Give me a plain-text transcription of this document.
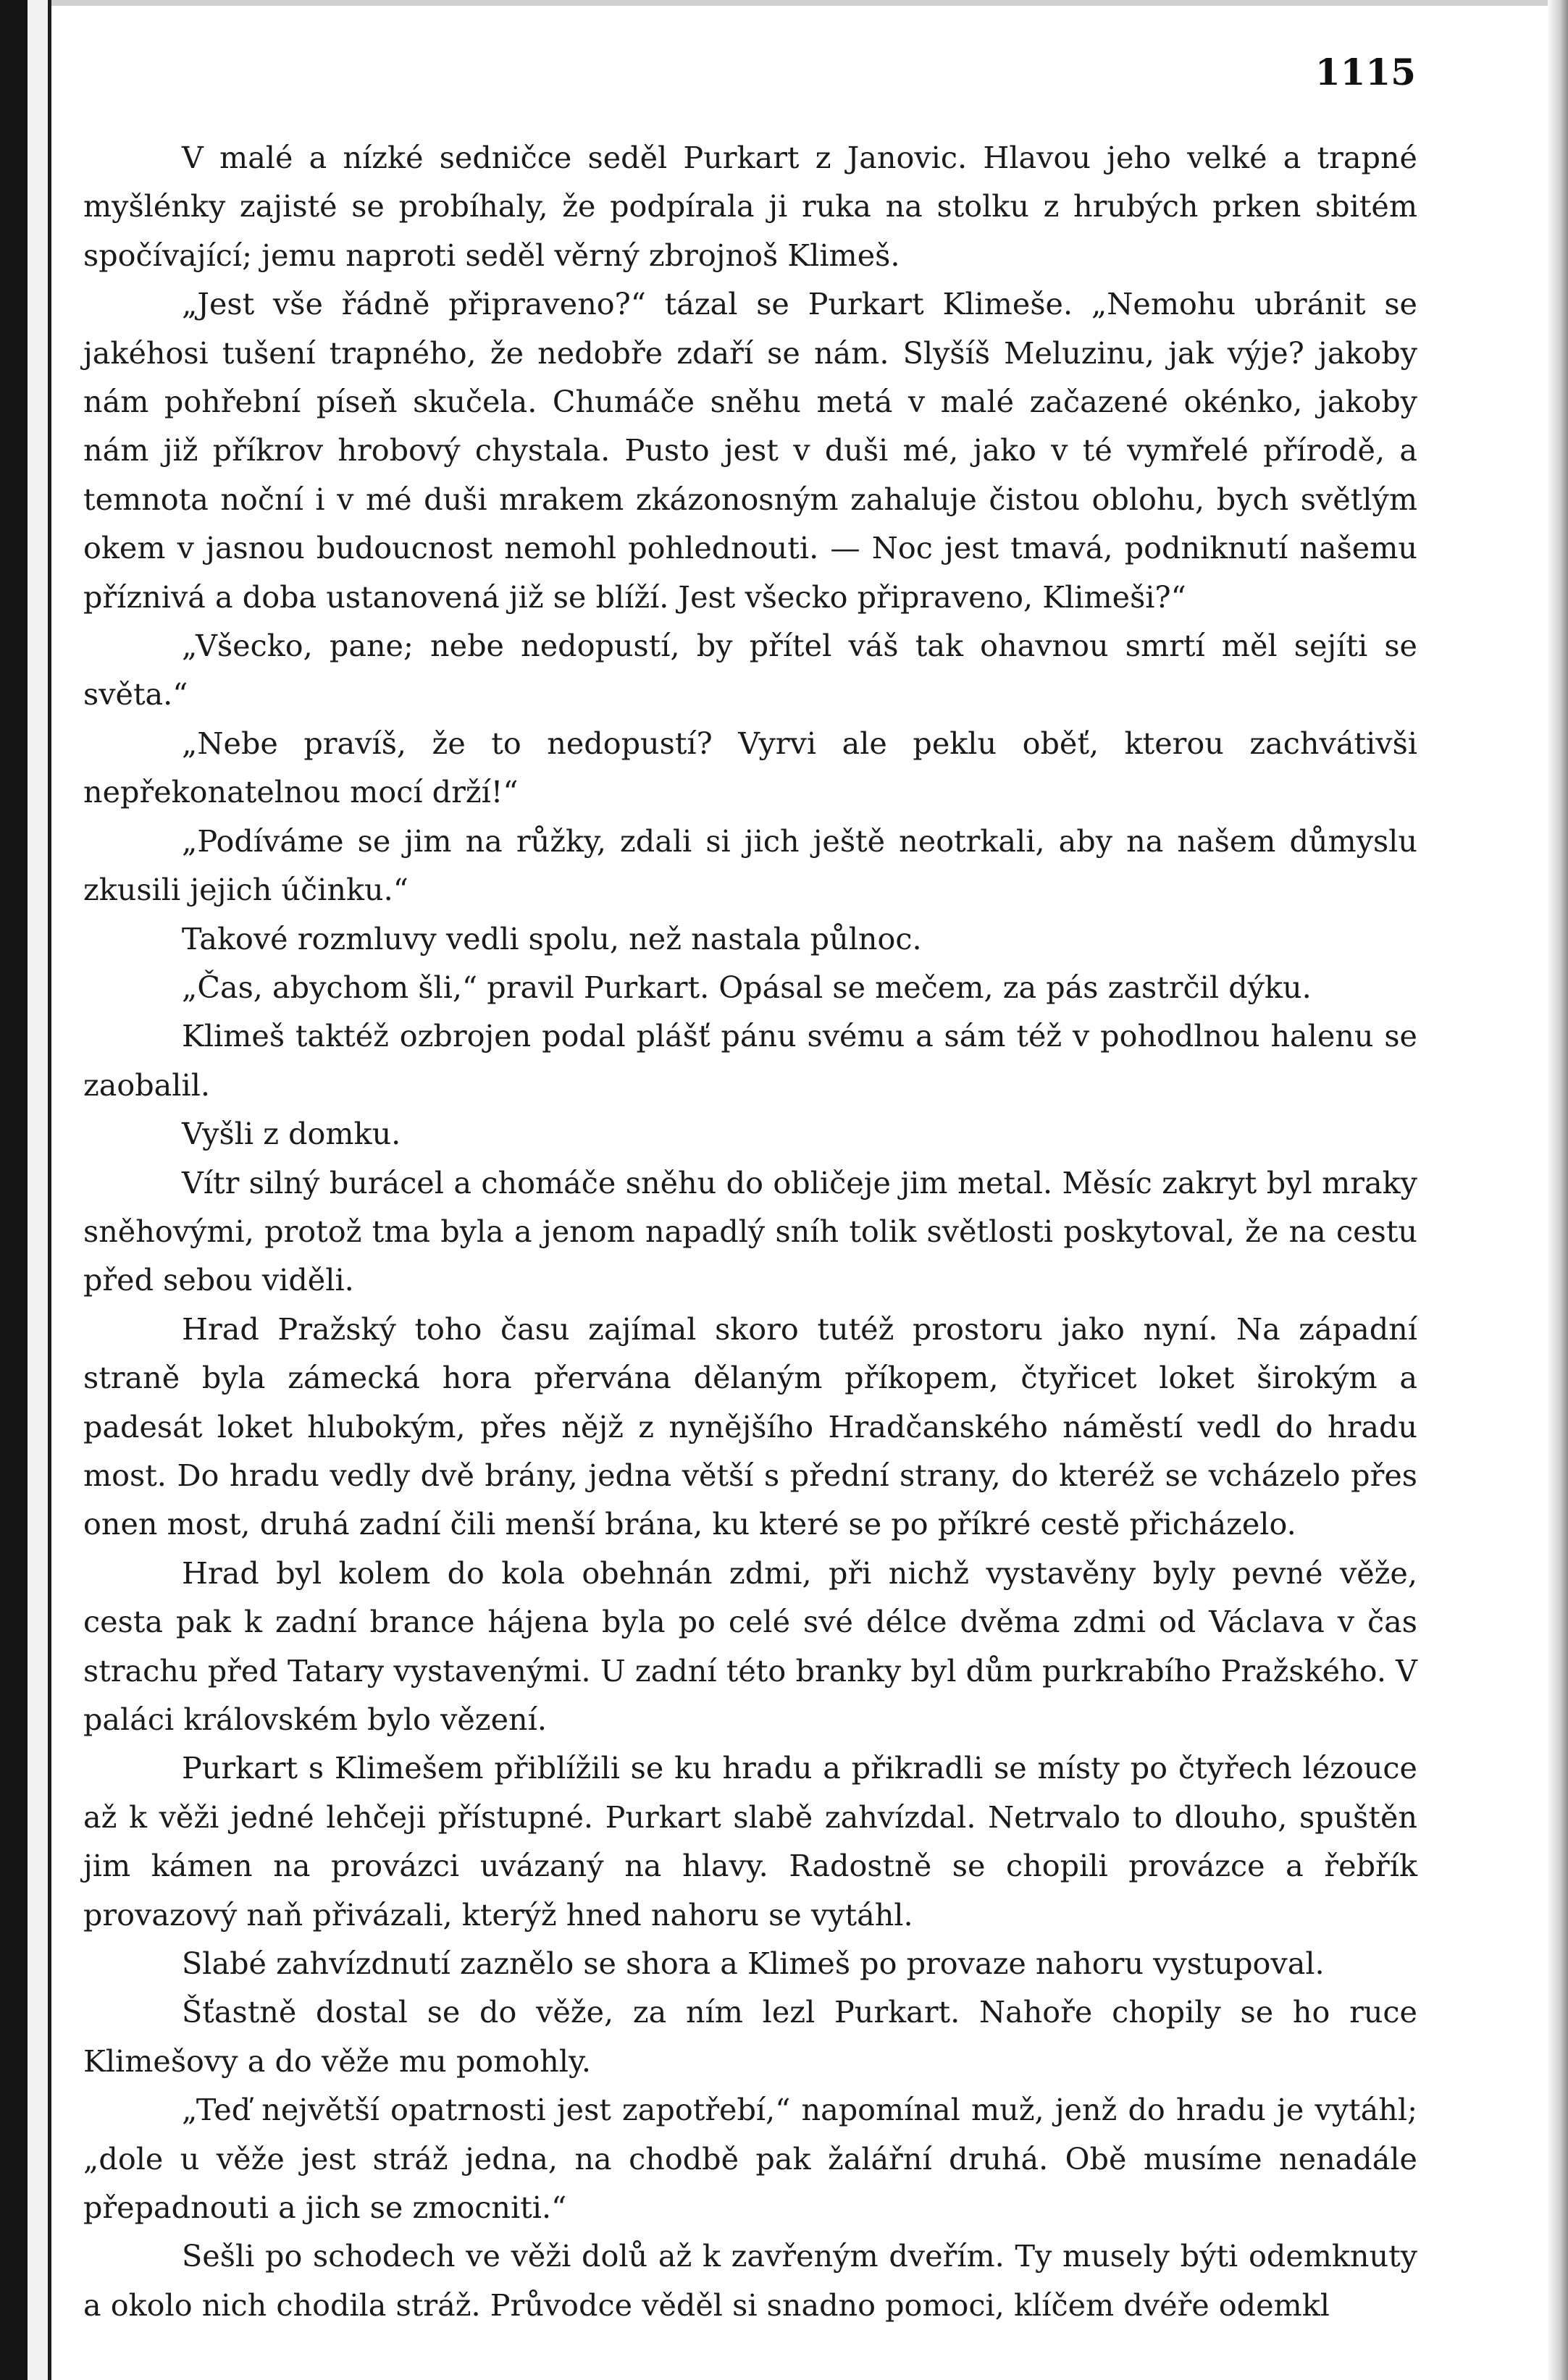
1115

V malé a nízké sedničce seděl Purkart z Janovic. Hlavou jeho velké a trapné myšlénky zajisté se probíhaly, že podpírala ji ruka na stolku z hrubých prken sbitém spočívající; jemu naproti seděl věrný zbrojnoš Klimeš.

„Jest vše řádně připraveno?“ tázal se Purkart Klimeše. „Nemohu ubránit se jakéhosi tušení trapného, že nedobře zdaří se nám. Slyšíš Meluzinu, jak výje? jakoby nám pohřební píseň skučela. Chumáče sněhu metá v malé začazené okénko, jakoby nám již příkrov hrobový chystala. Pusto jest v duši mé, jako v té vymřelé přírodě, a temnota noční i v mé duši mrakem zkázonosným zahaluje čistou oblohu, bych světlým okem v jasnou budoucnost nemohl pohlednouti. — Noc jest tmavá, podniknutí našemu příznivá a doba ustanovená již se blíží. Jest všecko připraveno, Klimeši?“

„Všecko, pane; nebe nedopustí, by přítel váš tak ohavnou smrtí měl sejíti se světa.“

„Nebe pravíš, že to nedopustí? Vyrvi ale peklu oběť, kterou zachvátivši nepřekonatelnou mocí drží!“

„Podíváme se jim na růžky, zdali si jich ještě neotrkali, aby na našem důmyslu zkusili jejich účinku.“

Takové rozmluvy vedli spolu, než nastala půlnoc.

„Čas, abychom šli,“ pravil Purkart. Opásal se mečem, za pás zastrčil dýku.

Klimeš taktéž ozbrojen podal plášť pánu svému a sám též v pohodlnou halenu se zaobalil.

Vyšli z domku.

Vítr silný burácel a chomáče sněhu do obličeje jim metal. Měsíc zakryt byl mraky sněhovými, protož tma byla a jenom napadlý sníh tolik světlosti poskytoval, že na cestu před sebou viděli.

Hrad Pražský toho času zajímal skoro tutéž prostoru jako nyní. Na západní straně byla zámecká hora přervána dělaným příkopem, čtyřicet loket širokým a padesát loket hlubokým, přes nějž z nynějšího Hradčanského náměstí vedl do hradu most. Do hradu vedly dvě brány, jedna větší s přední strany, do kteréž se vcházelo přes onen most, druhá zadní čili menší brána, ku které se po příkré cestě přicházelo.

Hrad byl kolem do kola obehnán zdmi, při nichž vystavěny byly pevné věže, cesta pak k zadní brance hájena byla po celé své délce dvěma zdmi od Václava v čas strachu před Tatary vystavenými. U zadní této branky byl dům purkrabího Pražského. V paláci královském bylo vězení.

Purkart s Klimešem přiblížili se ku hradu a přikradli se místy po čtyřech lézouce až k věži jedné lehčeji přístupné. Purkart slabě zahvízdal. Netrvalo to dlouho, spuštěn jim kámen na provázci uvázaný na hlavy. Radostně se chopili provázce a řebřík provazový naň přivázali, kterýž hned nahoru se vytáhl.

Slabé zahvízdnutí zaznělo se shora a Klimeš po provaze nahoru vystupoval.

Šťastně dostal se do věže, za ním lezl Purkart. Nahoře chopily se ho ruce Klimešovy a do věže mu pomohly.

„Teď největší opatrnosti jest zapotřebí,“ napomínal muž, jenž do hradu je vytáhl; „dole u věže jest stráž jedna, na chodbě pak žalářní druhá. Obě musíme nenadále přepadnouti a jich se zmocniti.“

Sešli po schodech ve věži dolů až k zavřeným dveřím. Ty musely býti odemknuty a okolo nich chodila stráž. Průvodce věděl si snadno pomoci, klíčem dvéře odemkl
